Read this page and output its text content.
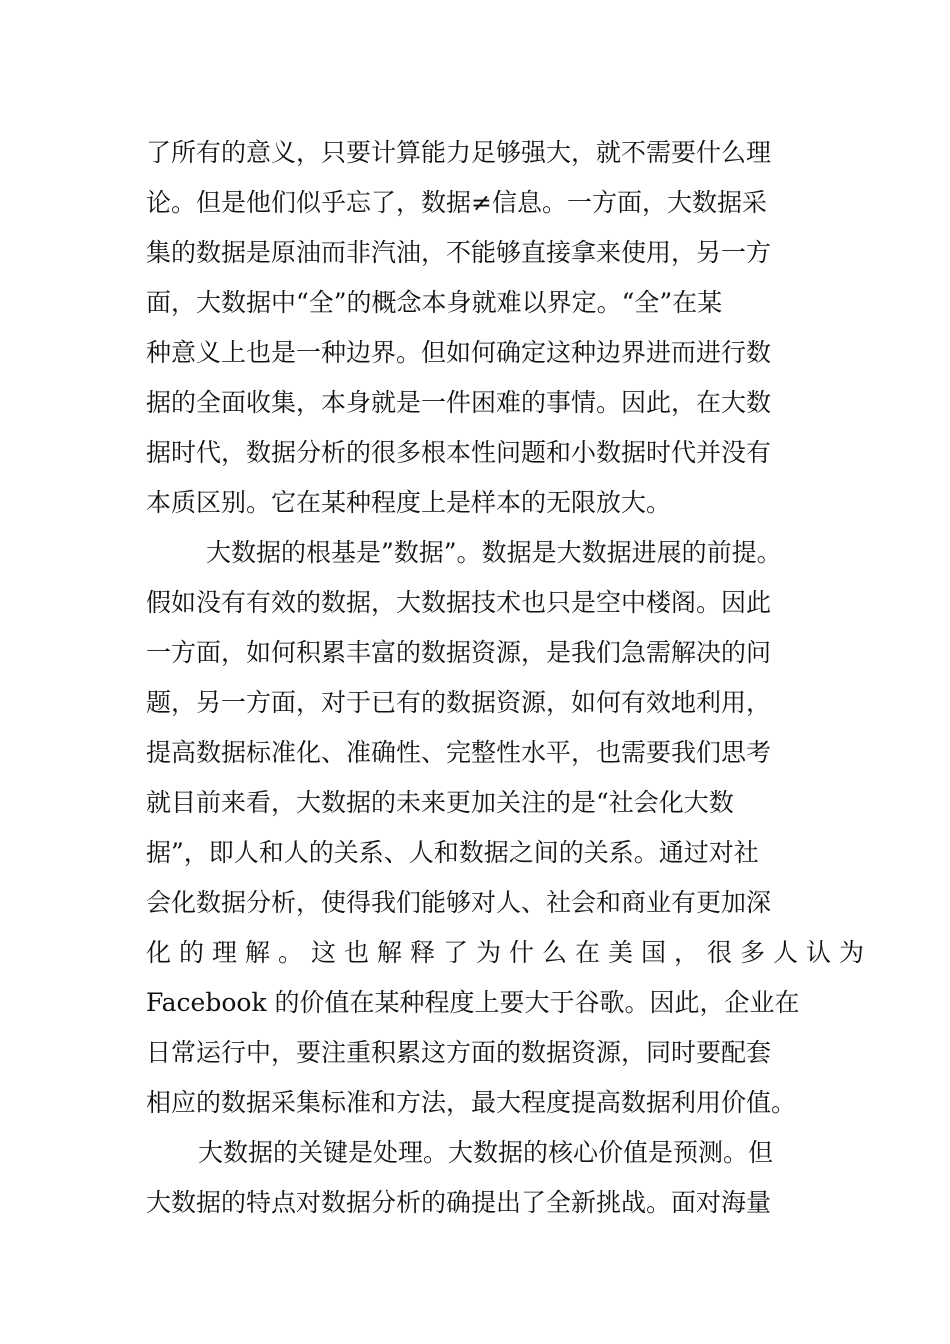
了所有的意义，只要计算能力足够强大，就不需要什么理
论。但是他们似乎忘了，数据≠信息。一方面，大数据采
集的数据是原油而非汽油，不能够直接拿来使用，另一方
面，大数据中“全”的概念本身就难以界定。“全”在某
种意义上也是一种边界。但如何确定这种边界进而进行数
据的全面收集，本身就是一件困难的事情。因此，在大数
据时代，数据分析的很多根本性问题和小数据时代并没有
本质区别。它在某种程度上是样本的无限放大。
大数据的根基是”数据”。数据是大数据进展的前提。
假如没有有效的数据，大数据技术也只是空中楼阁。因此
一方面，如何积累丰富的数据资源，是我们急需解决的问
题，另一方面，对于已有的数据资源，如何有效地利用，
提高数据标准化、准确性、完整性水平，也需要我们思考
就目前来看，大数据的未来更加关注的是“社会化大数
据”，即人和人的关系、人和数据之间的关系。通过对社
会化数据分析，使得我们能够对人、社会和商业有更加深
化的理解。这也解释了为什么在美国，很多人认为
Facebook 的价值在某种程度上要大于谷歌。因此，企业在
日常运行中，要注重积累这方面的数据资源，同时要配套
相应的数据采集标准和方法，最大程度提高数据利用价值。
大数据的关键是处理。大数据的核心价值是预测。但
大数据的特点对数据分析的确提出了全新挑战。面对海量
